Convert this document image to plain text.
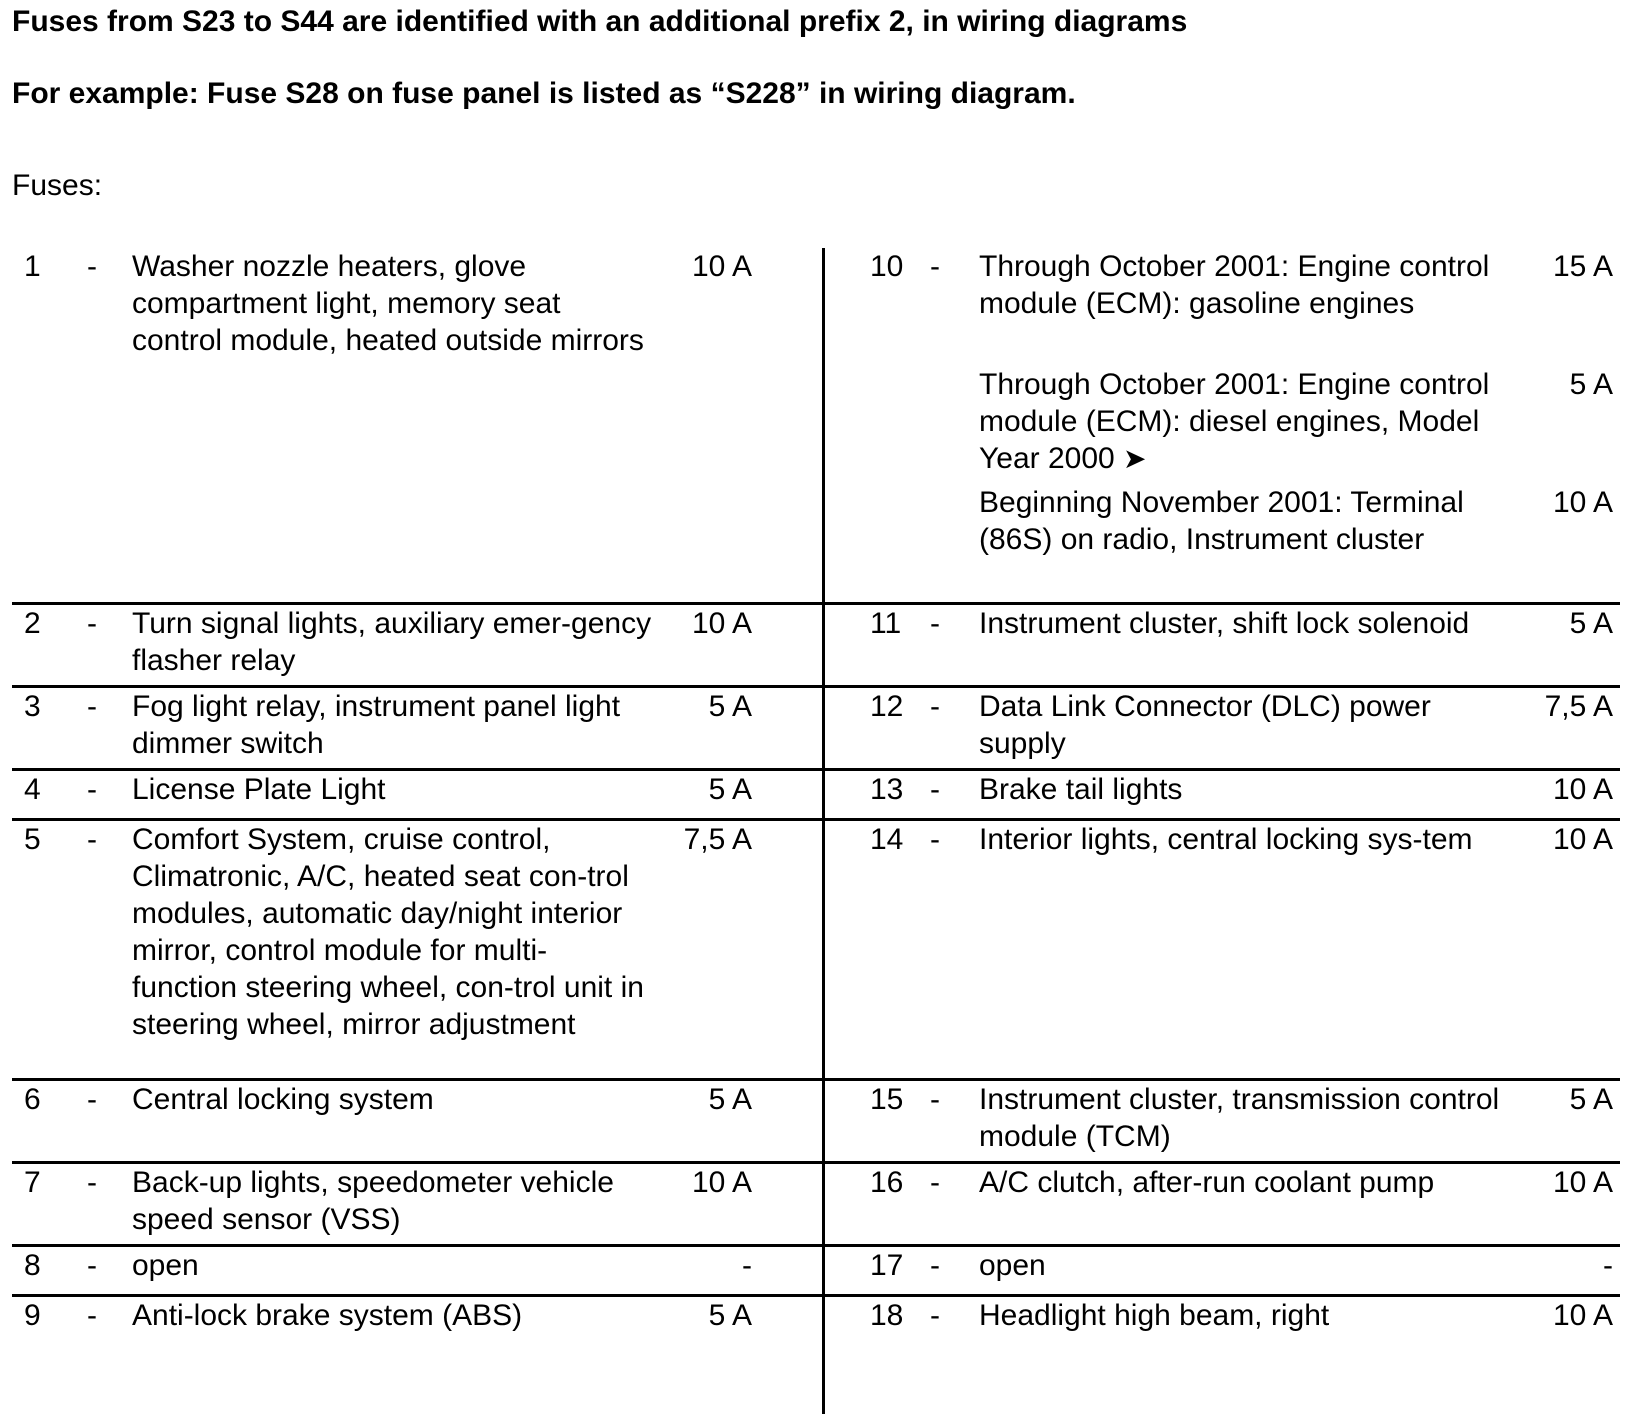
Fuses from S23 to S44 are identified with an additional prefix 2, in wiring diagrams

For example: Fuse S28 on fuse panel is listed as “S228” in wiring diagram.

Fuses:

1 - Washer nozzle heaters, glove compartment light, memory seat control module, heated outside mirrors
10 A
2 - Turn signal lights, auxiliary emer-gency flasher relay
10 A
3 - Fog light relay, instrument panel light dimmer switch
5 A
4 - License Plate Light	5 A
5 - Comfort System, cruise control, Climatronic, A/C, heated seat con-trol modules, automatic day/night interior mirror, control module for multi-function steering wheel, con-trol unit in steering wheel, mirror adjustment
7,5 A
6 - Central locking system	5 A
7 - Back-up lights, speedometer vehicle speed sensor (VSS)
10 A
8 - open	-
9 - Anti-lock brake system (ABS)	5 A
10 - Through October 2001: Engine control module (ECM): gasoline engines
15 A
Through October 2001: Engine control module (ECM): diesel engines, Model Year 2000 ➤
5 A
Beginning November 2001: Terminal (86S) on radio, Instrument cluster
10 A
11 - Instrument cluster, shift lock solenoid	5 A
12 - Data Link Connector (DLC) power supply
7,5 A
13 - Brake tail lights	10 A
14 - Interior lights, central locking sys-tem	10 A
15 - Instrument cluster, transmission control module (TCM)
5 A
16 - A/C clutch, after-run coolant pump	10 A
17 - open	-
18 - Headlight high beam, right	10 A
